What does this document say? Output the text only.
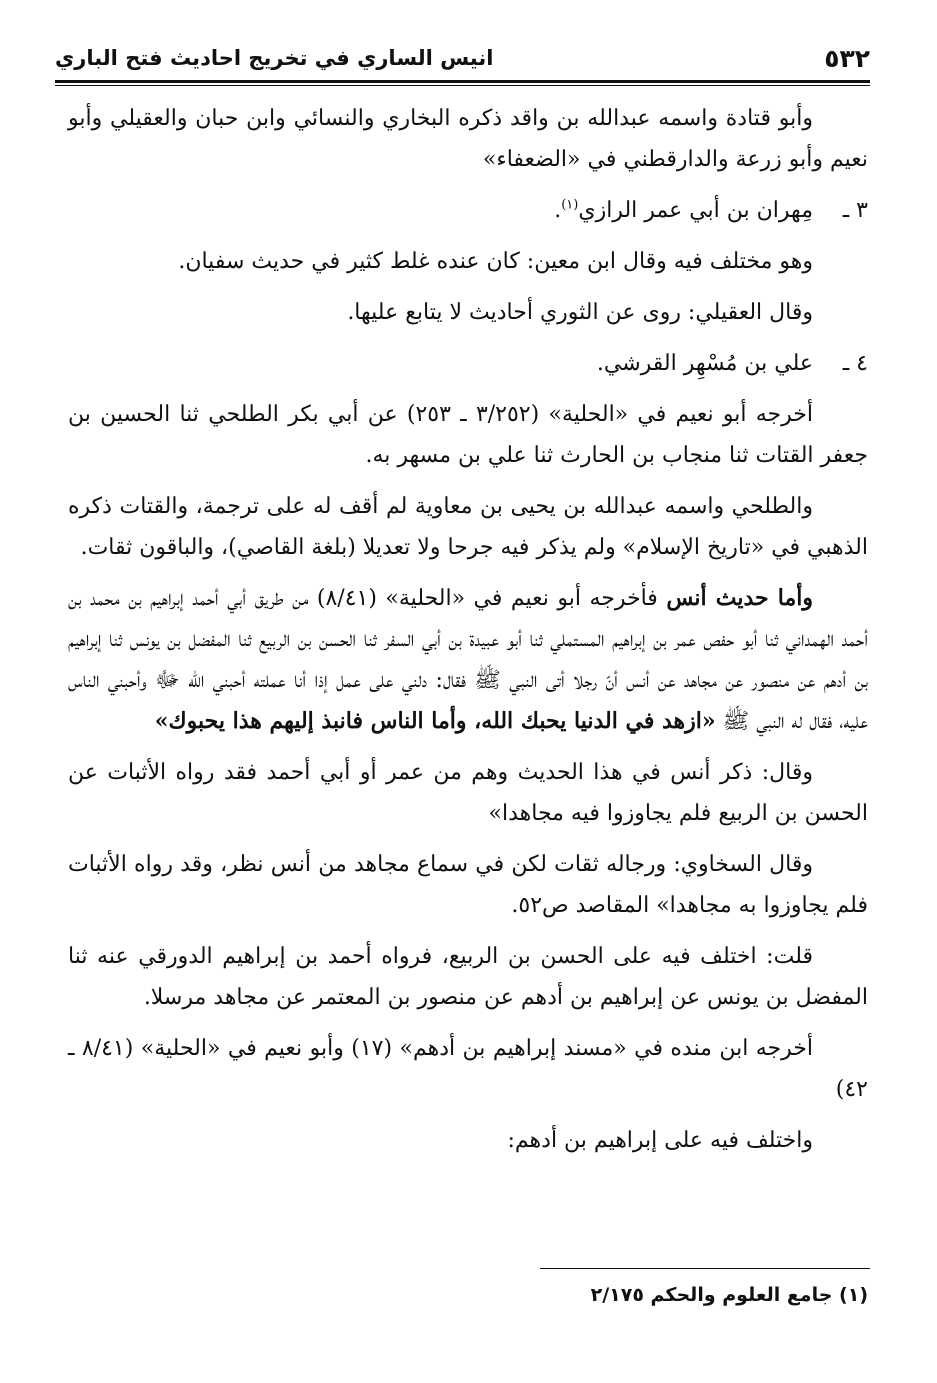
٥٣٢
انيس الساري في تخريج احاديث فتح الباري

وأبو قتادة واسمه عبدالله بن واقد ذكره البخاري والنسائي وابن حبان والعقيلي وأبو نعيم وأبو زرعة والدارقطني في «الضعفاء»

٣ ـ
مِهران بن أبي عمر الرازي$^{(١)}$.

وهو مختلف فيه وقال ابن معين: كان عنده غلط كثير في حديث سفيان.

وقال العقيلي: روى عن الثوري أحاديث لا يتابع عليها.

٤ ـ
علي بن مُسْهِر القرشي.

أخرجه أبو نعيم في «الحلية» (٣/٢٥٢ ـ ٢٥٣) عن أبي بكر الطلحي ثنا الحسين بن جعفر القتات ثنا منجاب بن الحارث ثنا علي بن مسهر به.

والطلحي واسمه عبدالله بن يحيى بن معاوية لم أقف له على ترجمة، والقتات ذكره الذهبي في «تاريخ الإسلام» ولم يذكر فيه جرحا ولا تعديلا (بلغة القاصي)، والباقون ثقات.

وأما حديث أنس فأخرجه أبو نعيم في «الحلية» (٨/٤١) من طريق أبي أحمد إبراهيم بن محمد بن أحمد الهمداني ثنا أبو حفص عمر بن إبراهيم المستملي ثنا أبو عبيدة بن أبي السفر ثنا الحسن بن الربيع ثنا المفضل بن يونس ثنا إبراهيم بن أدهم عن منصور عن مجاهد عن أنس أنّ رجلا أتى النبي ﷺ فقال: دلني على عمل إذا أنا عملته أحبني الله ﷻ وأحبني الناس عليه، فقال له النبي ﷺ «ازهد في الدنيا يحبك الله، وأما الناس فانبذ إليهم هذا يحبوك»

وقال: ذكر أنس في هذا الحديث وهم من عمر أو أبي أحمد فقد رواه الأثبات عن الحسن بن الربيع فلم يجاوزوا فيه مجاهدا»

وقال السخاوي: ورجاله ثقات لكن في سماع مجاهد من أنس نظر، وقد رواه الأثبات فلم يجاوزوا به مجاهدا» المقاصد ص٥٢.

قلت: اختلف فيه على الحسن بن الربيع، فرواه أحمد بن إبراهيم الدورقي عنه ثنا المفضل بن يونس عن إبراهيم بن أدهم عن منصور بن المعتمر عن مجاهد مرسلا.

أخرجه ابن منده في «مسند إبراهيم بن أدهم» (١٧) وأبو نعيم في «الحلية» (٨/٤١ ـ ٤٢)

واختلف فيه على إبراهيم بن أدهم:

(١) جامع العلوم والحكم ٢/١٧٥
